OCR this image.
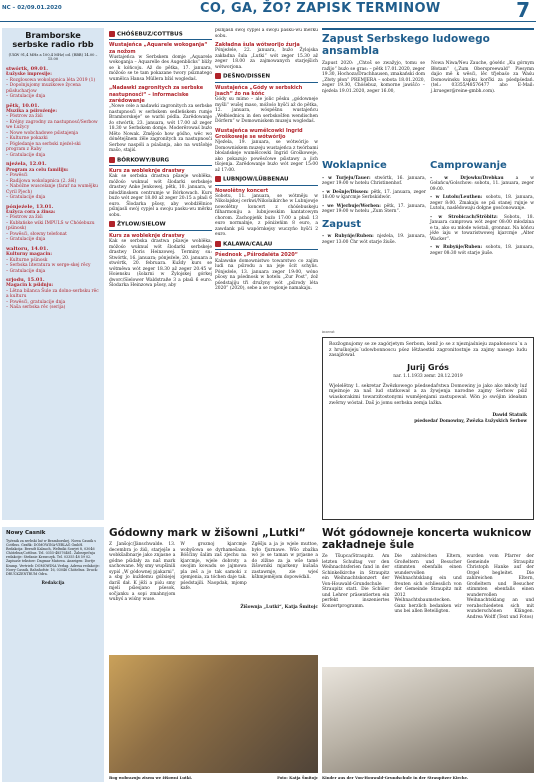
NC – 02/09.01.2020	CO, GA, ŽO? ZAPISK TERMINOW	7
Bramborske serbske radio rbb
(UKW 91,4 MHz a 100,4 MHz) od. (RBB) 14.00 – 15.00
stwórtk, 09.01.
Łužyske impresije:
– Rozglosowa wokolapnica léta 2019 (1)
– Dopolnjujomy muzikowe žycena pśisłucharjow
– Gratulacije dnja
pětk, 10.01.
Muzika a pśiroźenje:
– Póstrow za žiśi
– Kréjny zagrodny za nastupnosć/Serbow we Łužycy
– Nowe wobchadowe pśistajenja
– Kulturne pokazki
– Pógledanje na serbski njeźel-ski program z Raby
– Gratulacije dnja
njeźela, 12.01.
Program za celu familiju:
– Powěsći
– Radijowa wokolapnica (2. źěl)
– Nabóžne wuscelanje (faraŕ na wumějku Cyril Pjech)
– Gratulacije dnja
pónjeźele, 13.01.
Łužyca cora a źinsa:
– Póstrow za žiśi
– Kubłańske wiki IMPULS w Chóśebuzu (pśinosk)
– Powěsći, słowny telefonat
– Gratulacije dnja
wałtoru, 14.01.
Kulturny magacin:
– Kulturne pśinosk
– Serbska literatura w serge-skej rěcy
– Gratulacije dnja
srjodu, 15.01.
Magacin k pśidnju:
– Lětna bilanca Šule za dolno-serbsku rěc a kulturu
– Powěsći, gratulacije dnja
– Naša serbska rěc (serija)
CHÓŚEBUZ/COTTBUS
Wustajeńca „Aquarele wokoganja“ za nožom
Wustajeńca w Serbskem domje „Aquarele wokoganja – Aquarelle des Augenblicks“ bližy se k kóńcoju. Až do pětka, 17. januara, móžośo se te tam pokazane twory pśiznatego wumělca Hansa Müllera bžiś wogledaś.
„Nadawki zagronitych za serbske nastupnosći“ – informaciske zarědowanje
„Nowe cele a nadawki zagronitych za serbske nastupnosći w serbskem sedleńskem rumje Bramborskeje“ se warbi pódla. Zarědowanje źo stwórtk, 23. januara, wót 17.00 až zeger 18.30 w Serbskem domje. Moderěrowaś buźo Měto Nowak. Změjośo how góśho, wěc wo dónětejšnem źěle zagronitych za nastupnosći Serbow naspóli a pśašanja, ako na wutšobje mašo, stajiś.
BÓRKOWY/BURG
Kurs za wobleknje drastwy
Kak se serbska drastwa pšawje woblěka, móžośo wuknuś wót šlodarki serbskeje drastwy Anke Jenkowej, pětk, 10. januara, w młodźinskem centrumje w Bórkowach. Kurs buźo wót zeger 18.00 až zeger 20:15 a płaśi 6 euro. Šlodarka pšosy, aby wobdźělnice pśinjasli swój cypjel a swoju pasku-wu měrku sobu.
ŽYLOW/SIELOW
Kurs za wobleknje drastwy
Kak se serbska drastwa pšawje woblěka, móžośo wuknuś wót šlodarki serbskeje drastwy Doris Heinzowej. Terminy su: Stwórtk, 16. januara; pónjeźele, 20. januara a stwórtk, 20. februara. Kuždy kurs se wótměwa wót zeger 18.30 až zeger 20.45 w Hoiensku (šolarni w Žylojskej górkej dworc/Sielower Waldstraße 3 a płaśi 6 euro. Šlodarka Heinzowa pšosy, aby
pśinjasli swój cypjel a swoju pasku-wu měrku sobu.
Zakładna šula wótworijo źurja
Pónjeźele, 22. januara, bužo Žylojska zakładna šula „Lutki“ wót zeger 15.30 až zeger 18.00 za zajmowanych starjejšich wótworjona.
DEŠNO/DISSEN
Wustajeńca „Gódy w serbskich jsach“ źo na kóńc
Gódy su mimo – ale jolic pěsku „gódowneje myšli“ wušej maso, móžośo hyšći až do pětka, 12. januara, wóspéšnu wustajeńcu „Wełbiednicu in den serbskošfen wendischen Dörfern“ w Domowniskem muzeju wogledaś.
Wustajeńca wumělcowki Ingrid Groškoweje se wótwórijo
Njeźela, 19. januara, se wótwórijo w Domowniskem muzeju wustajeńca z twórbami błośańskeje wumělcowki Ingrid Groškoweje, ako pokazujo powěsćowe pśistawy a jich tšojenja. Zarědowanje buźo wót zeger 15:00 až 17:00.
LUBNJOW/LÜBBENAU
Nowolětny koncert
Sobotu, 11. januara, se wótměju w Nikolajskej cerkwi/Nikolaikirche w Lubnjowje nowolětny koncert z chóśebuskeju filharmoniju a lubnjowskim kantatowym chorom. Zachopjeńk buźo 17:00 a płaśi 13 euro normalnje, z póniżeńim 8 euro, a zawdank pśi wapórnkejsy wuczyńo hyšći 2 euro.
KALAWA/CALAU
Pśednosk „Pśirodaléta 2020“
Kalawske domownistwo towarstwo co zajim ludi na pśirodu a na jeje šcit schylis. Pónjeźele, 13. januara zeger 19:00, wóno pšosy na pśednosk w hotelu „Zur Post“, źož pśedstajiju tři družyny wót „pśirody léta 2020“ (2020), sebe a se regionje namakaju.
Zapust Serbskego ludowego ansambla
Zapust 2020: „Chtoš se zwažyjo, tomu se raźijo“ buźo se gras: – pětk 17.01.2020, zeger 19.30, Hochoza/Drachhausen, zmakańskí dom „Złoty płon“ PREMJERA – sobota 18.01.2020, zeger 19.30, Chóśebuz, komorne jawišćo – njeźela 19.01.2020, zeger 16.00,
Nowa Niwa/Neu Zauche, góséńc „Ku górnym Błotam“ („Zum Oberspreewald“ Piesymn dajio mě k wěsći, lěc třjebaśo za Waśu Domowinsku kupku korčki za pśedpśedań. (tel.: 03355/48576477 abo E-Mail: j.krueger@reine-gmbh.com).
Woklapnice
– w Turjeju/Tauer: stwórtk, 16. januara, zeger 19:00 w hotelu Christinenhof.
– w Dešnje/Dissen: pětk, 17. januara, zeger 18:00 w kjarcmje Serbskidwór.
– we Wjerbuje/Werben: pětk, 17. januara, zeger 19:00 w hotelu „Zum Stern“.
Zapust
– w Rubyńje/Ruben: njeźela, 19. januara, zeger 13:00 Ćhr wót starje žiuše.
Camprowanje
– w Drjowku/Drebkau a w Gołańcu/Golschow: sobotu, 11. januara, zeger 09:00.
– w Lutolu/Leuthen: sobotu, 18. januara, zeger 8:00. Zmakaju se pśi stanej rujnje w Lutolu, naslědowaju dołgne gosćonowanje.
– w Strobicach/Ströbitz: Sobotu, 18. Januara camprowa wót zeger 08:00 młodzina e ta, ako su młode wóstali, gronnaz. Na kóńcu jéźe iaju w towaristwowej kjarcmje „Alter Wacker“.
– w Rubyńje/Ruben: sobotu, 18. januara, zeger 08:30 wót starje jiuše.
inserat

Rozžognujomy se ze zagórjetym Serbom, kenž jo se z njeznjaśnieju zapałonoscu´u a z hruśkojeju´udowbonnoscu pśez lětźaestki zagronitostnje za zajmy nasego ludu zasajźował.

Jurij Grós
nar. 1.1.1933 zemr. 28.12.2019

Wjelelětny 1. sekretar Žwězkowego pśedsedařstwa Domowiny jo jako ako młody luź mjeżnoje za naš lud statkował a za žywjenja narodne zajmy Serbow pśiž wiaskorakimi towarzitostonymi wumějenjami zastupował. Wón jo swójim ideałam zwěrny wóstał. Daš jo jomu serbska zemja lažka.

Dawid Statnik
pśedsedaŕ Domowiny, Zwězka Łužyskich Serbow
Nowy Casnik
Tyźenik za serbski luź w Bramborskej. Nowa Casnik s Cottbus. Grafik: DOMOWINA-VERLAG GmbH. Redakcija: Berndt Kalauch, Weltniki Sowjet 8, 03046 Chóśebuz/Cottbus. Tel. 0355-48576461. Zabezpečnja redakcije: Stefanie Krawczyk. Tel. 03355 48 59 02. Zapisaśe tekstow: Dagmar Matowa. Anzeigen: Dortje Kramp. Vertrieb: DOMOWINA Verlag. Adresa redakcije: Nowy Casnik, Bahnhofstr. 16, 03046 Chóśebuz. Druck: DRUCKZENTRUM Odra.
Redakcija
Gódowny mark w žišowni „Lutki“
Z Janšojc/Jänschwalde. 13. decembra jo źiśi, starjejše a wobkšalbnarje jako znjasne a gódne pśidały za naš mark sachowane. My smy wupšinili sypiś „W gódownej pjakarni“, a sbg jo kuždemu góžsiejej dariš dał. K jěži a piśu smy mjeli pśiesjano pśesok, sočjanku a sopi zmahnyjom wubyś a wiśny wuse.
W groznoj kjarcmje wobyšowa se dyrhamešano. Bóšćiny šalim zaš zjechu na kjarcmje, wjele dobroty a swojim kowadu se jajmowa pla zeš a jo tak samoki z zjemjenia, za tóchen daje tak. pśedstajili. Naopdak, mjomp kafe.
Zgěšju a ja jo wjele muttoe, było fjurnawe. Wšo zbažka wó jo se taman w prjasne a do zlžine za ja wše tamé žišowniki mjarkeny kušaša zastawmje, zie wjeś kšhmjemějom dopowéďali.
Žišownja „Lutki“, Katja Šmitojc
Bog wobrazuju zisem we žišowni Lutki.	Foto: Katja Šmitojc
Wót gódowneje koncerta wuknicow zakładneje šule
Ze Tšupca/Straupitz. Am letzten Schultag vor den Weihnachtsferien fand in der Schinkelkirche in Straupitz ein Weihnachtskonzert der Von-Houwald-Grundschule Straupitz statt. Die Schüler und Lehrer präsentierten ein perfekt inszeniertes Konzertprogramm.
Die zahlreichen Eltern, Großeltern und Besucher stimmten ebenfalls einen wundervollen Weihnachtsklang ein und freuten sich schliesslich von der Gemeinde Straupitz mit 2012 Weihnachtsbaumstecken. Ganz herzlich bedanken wir uns bei allen Beteiligten.
wurden vom Pfarrer der Gemeinde Straupitz Christoph Hanke auf der Orgel begleitet. Die zahlreichen Eltern, Großeltern und Besucher stimmten ebenfalls einen wundervollen Weihnachtsklang an und verabschiedeten sich mit wunderschönen Klängen. Andrea Wolff (Text und Fotos)
Kinder aus der Von-Houwald-Grundschule in der Straupitzer Kirche.
